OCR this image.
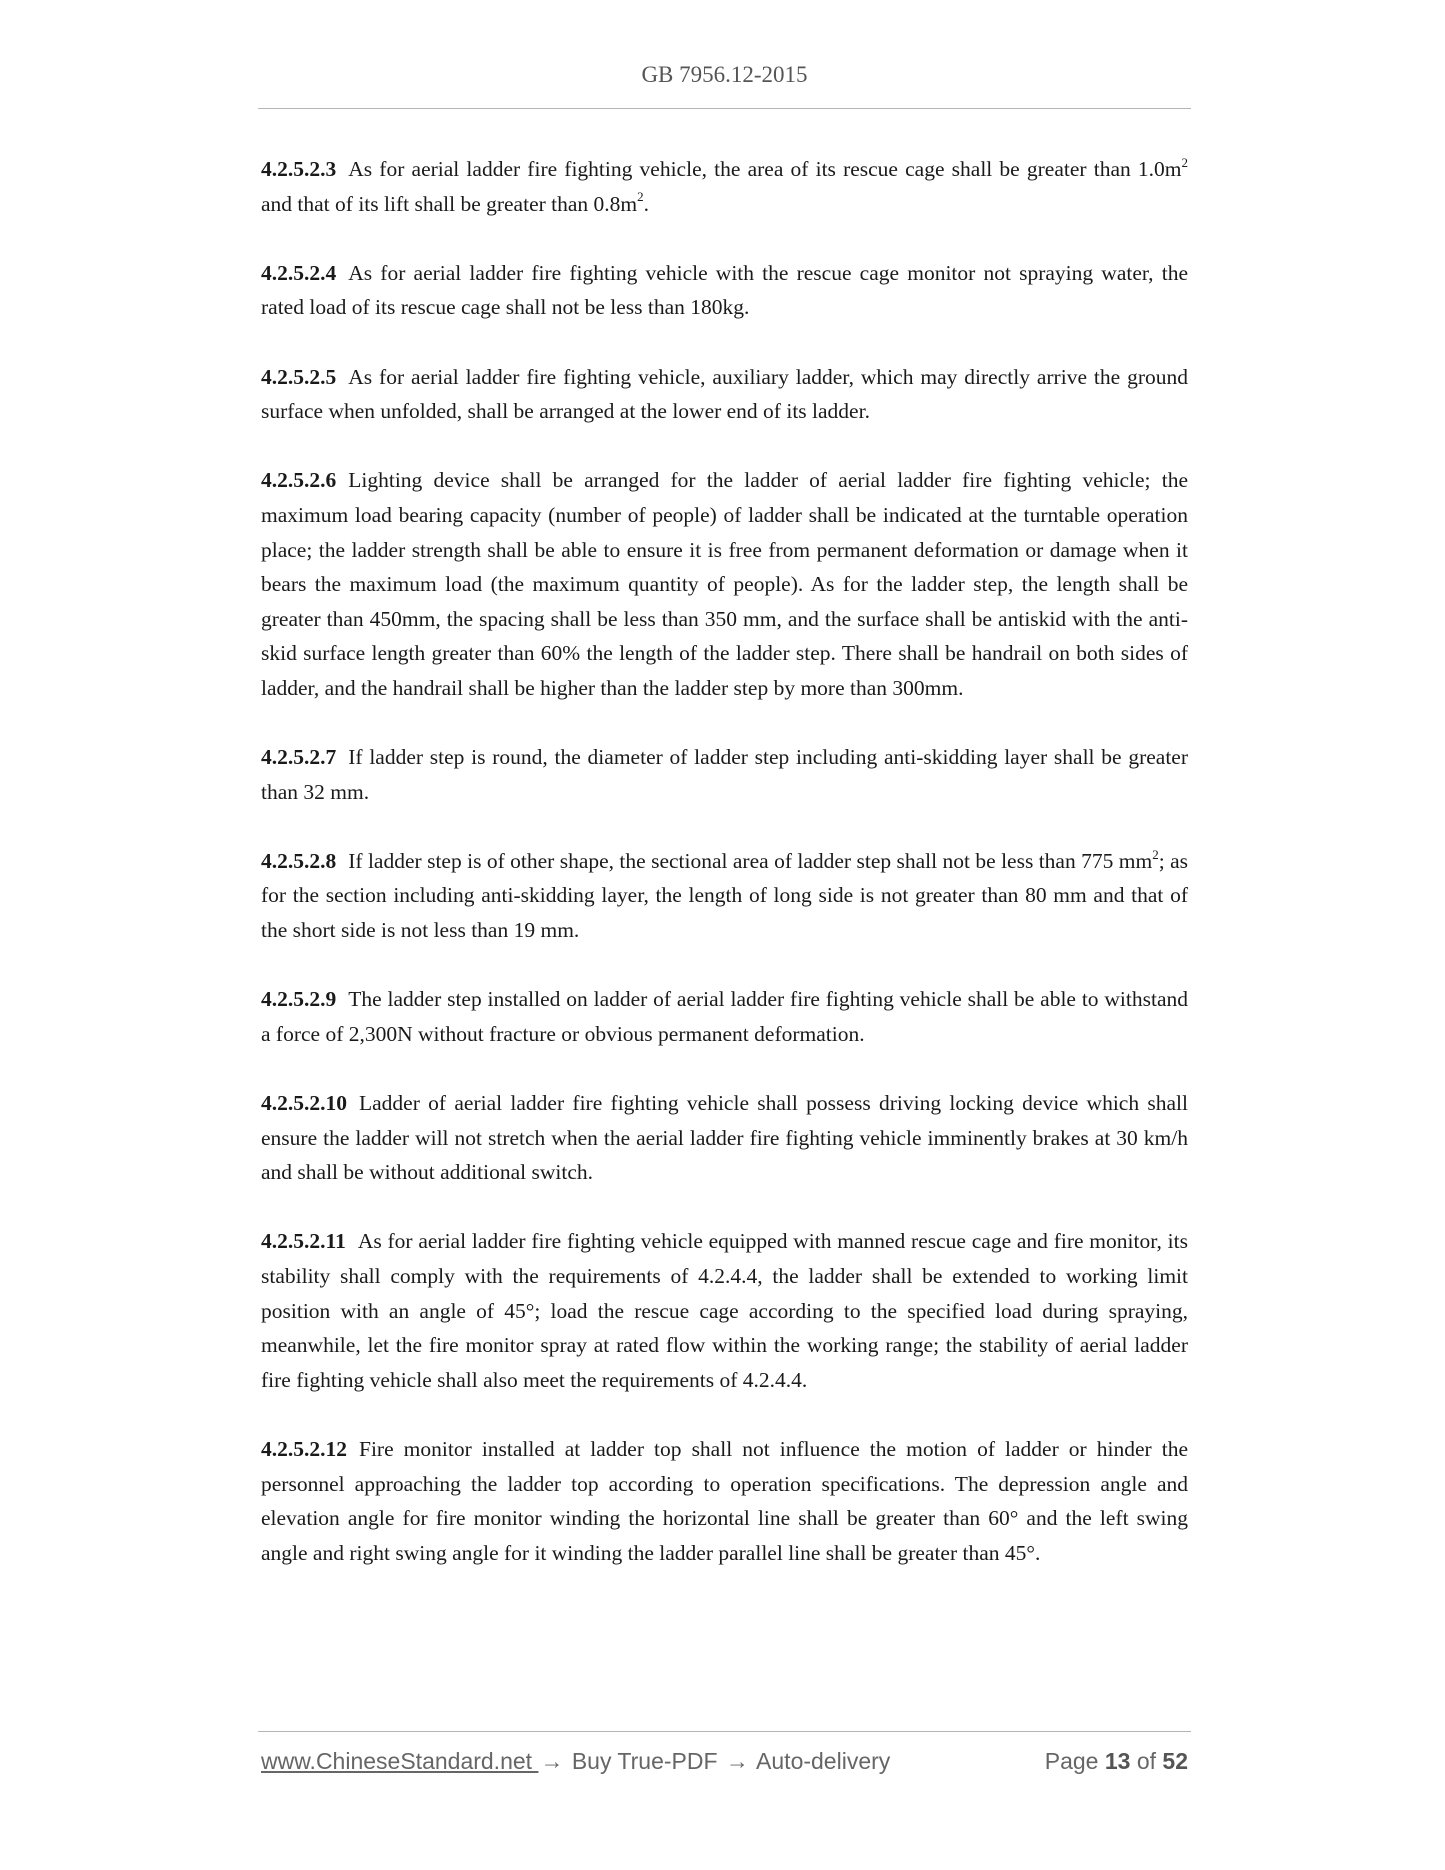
GB 7956.12-2015

4.2.5.2.3 As for aerial ladder fire fighting vehicle, the area of its rescue cage shall be greater than $1.0m^2$ and that of its lift shall be greater than $0.8m^2$.

4.2.5.2.4 As for aerial ladder fire fighting vehicle with the rescue cage monitor not spraying water, the rated load of its rescue cage shall not be less than 180kg.

4.2.5.2.5 As for aerial ladder fire fighting vehicle, auxiliary ladder, which may directly arrive the ground surface when unfolded, shall be arranged at the lower end of its ladder.

4.2.5.2.6 Lighting device shall be arranged for the ladder of aerial ladder fire fighting vehicle; the maximum load bearing capacity (number of people) of ladder shall be indicated at the turntable operation place; the ladder strength shall be able to ensure it is free from permanent deformation or damage when it bears the maximum load (the maximum quantity of people). As for the ladder step, the length shall be greater than 450mm, the spacing shall be less than 350 mm, and the surface shall be antiskid with the anti-skid surface length greater than 60% the length of the ladder step. There shall be handrail on both sides of ladder, and the handrail shall be higher than the ladder step by more than 300mm.

4.2.5.2.7 If ladder step is round, the diameter of ladder step including anti-skidding layer shall be greater than 32 mm.

4.2.5.2.8 If ladder step is of other shape, the sectional area of ladder step shall not be less than 775 $mm^2$; as for the section including anti-skidding layer, the length of long side is not greater than 80 mm and that of the short side is not less than 19 mm.

4.2.5.2.9 The ladder step installed on ladder of aerial ladder fire fighting vehicle shall be able to withstand a force of 2,300N without fracture or obvious permanent deformation.

4.2.5.2.10 Ladder of aerial ladder fire fighting vehicle shall possess driving locking device which shall ensure the ladder will not stretch when the aerial ladder fire fighting vehicle imminently brakes at 30 km/h and shall be without additional switch.

4.2.5.2.11 As for aerial ladder fire fighting vehicle equipped with manned rescue cage and fire monitor, its stability shall comply with the requirements of 4.2.4.4, the ladder shall be extended to working limit position with an angle of 45°; load the rescue cage according to the specified load during spraying, meanwhile, let the fire monitor spray at rated flow within the working range; the stability of aerial ladder fire fighting vehicle shall also meet the requirements of 4.2.4.4.

4.2.5.2.12 Fire monitor installed at ladder top shall not influence the motion of ladder or hinder the personnel approaching the ladder top according to operation specifications. The depression angle and elevation angle for fire monitor winding the horizontal line shall be greater than 60° and the left swing angle and right swing angle for it winding the ladder parallel line shall be greater than 45°.

www.ChineseStandard.net → Buy True-PDF → Auto-delivery	Page 13 of 52
